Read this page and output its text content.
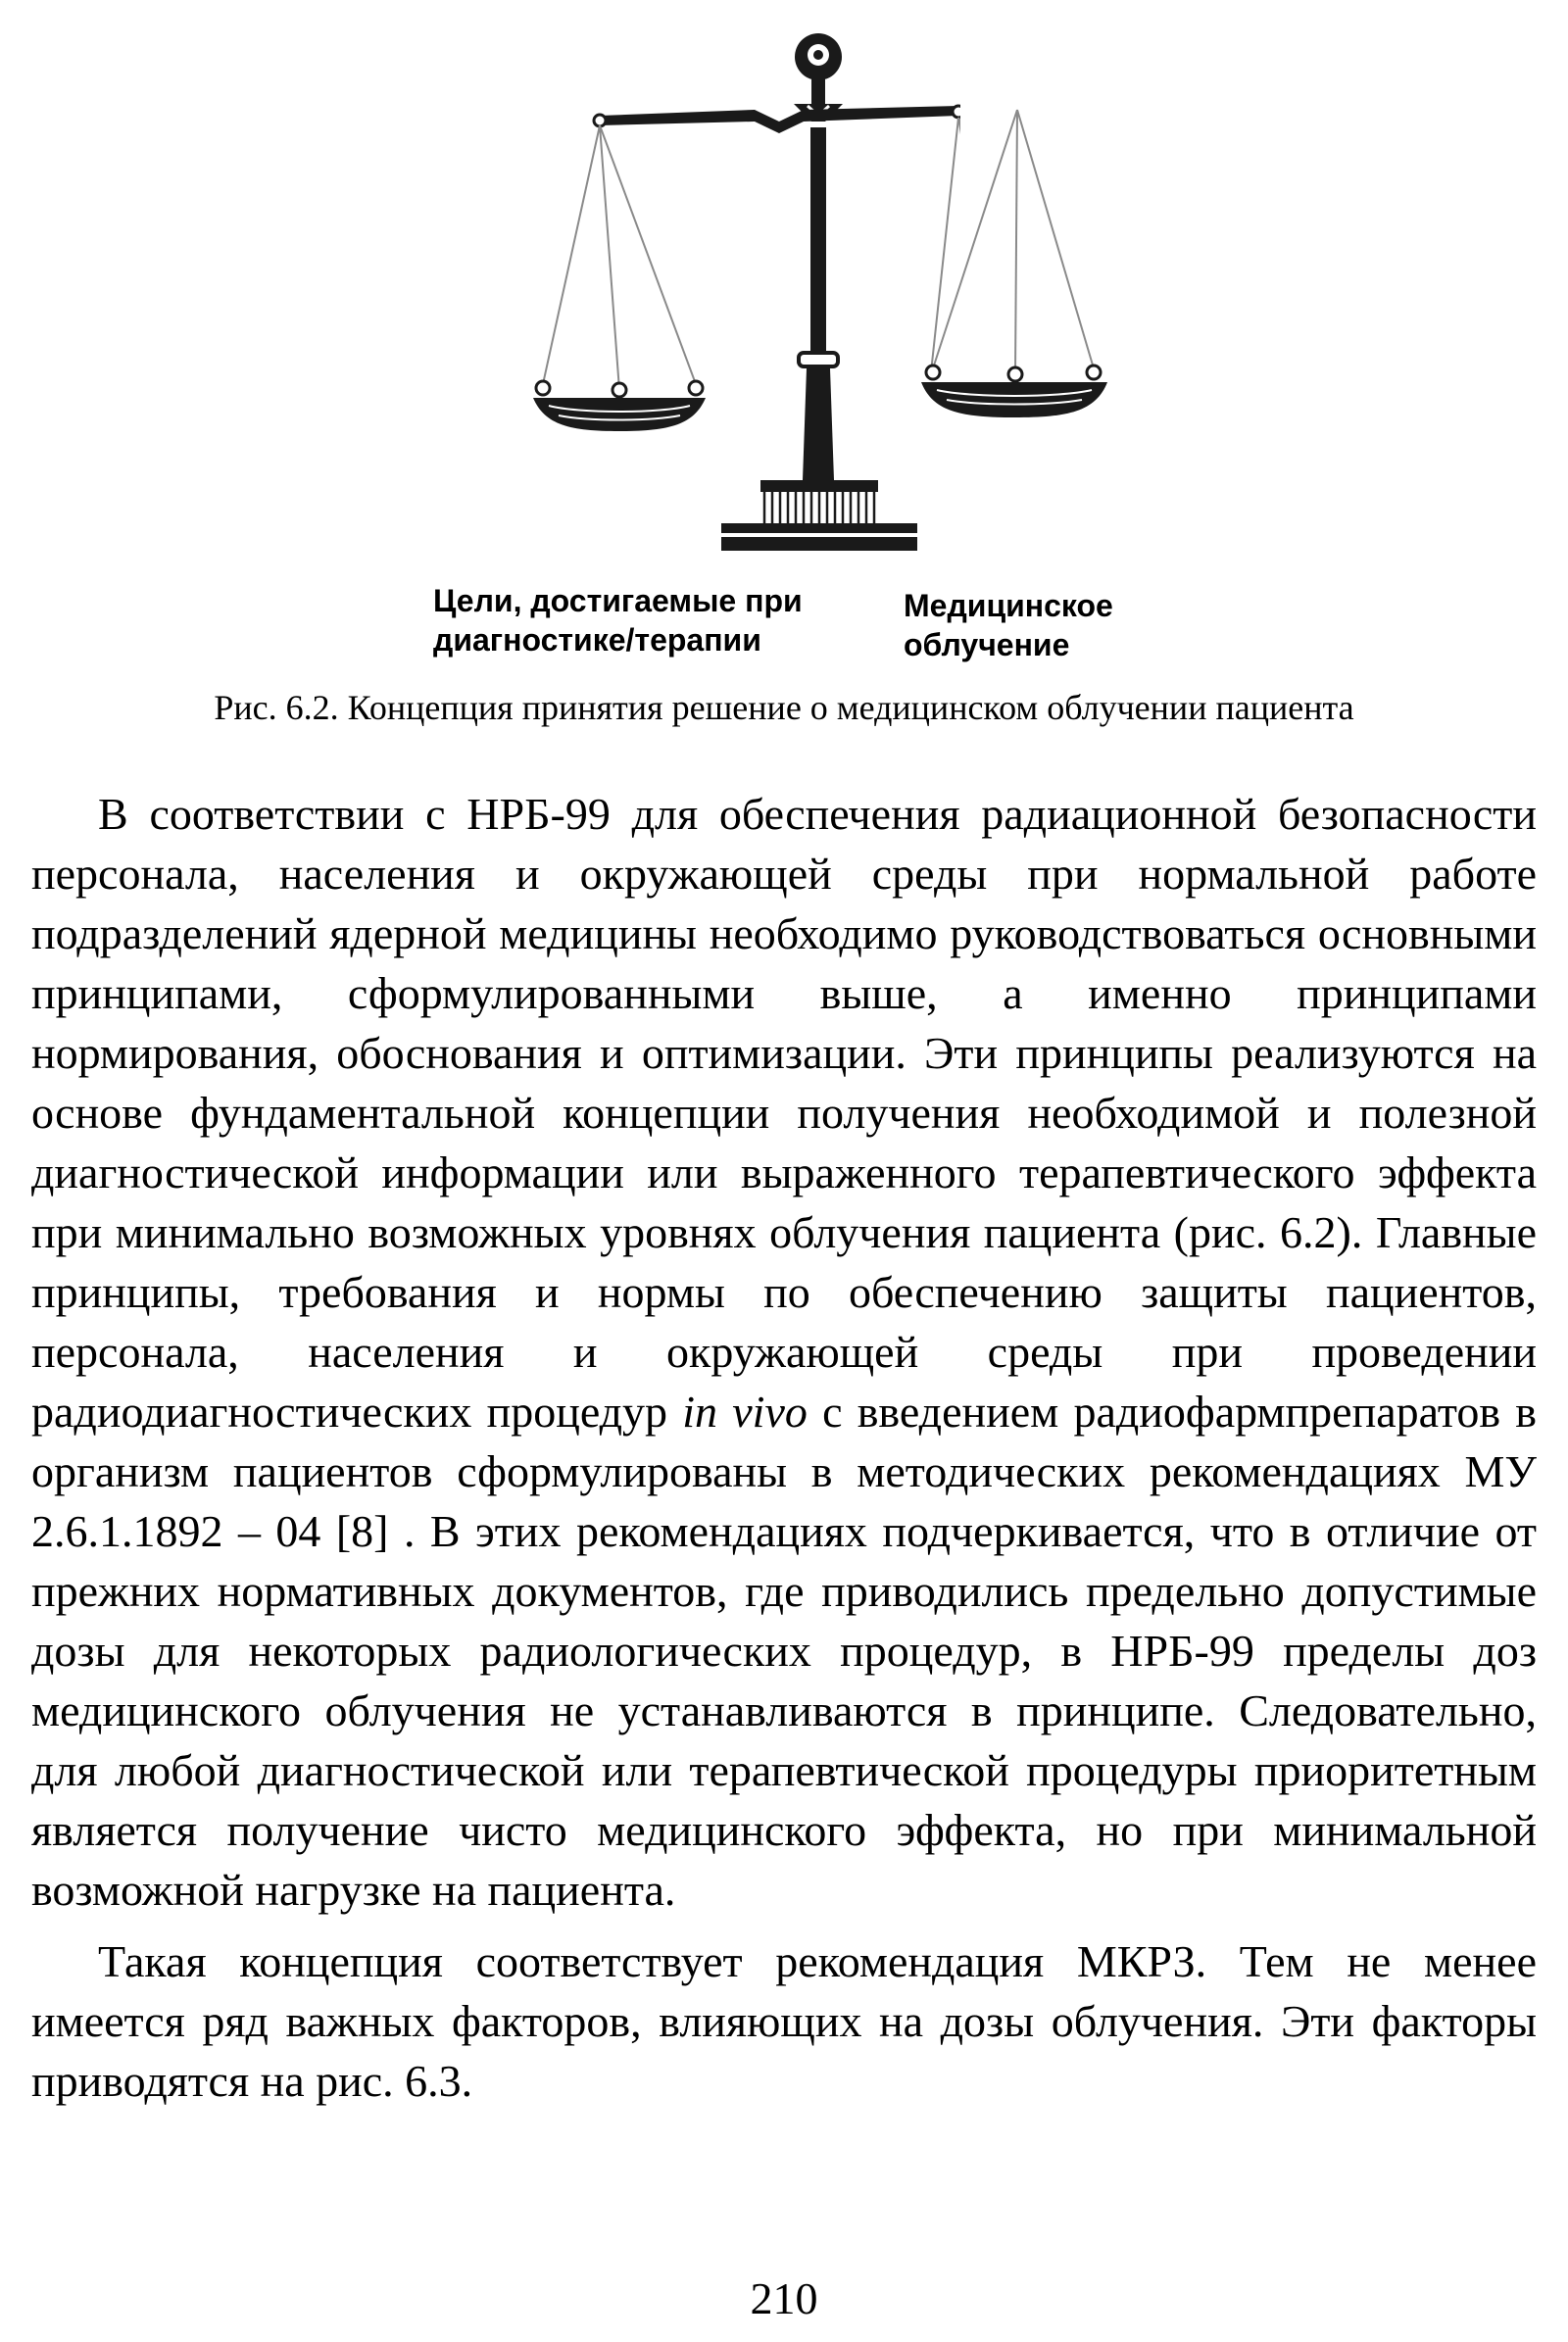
Цели, достигаемые при
диагностике/терапии
Медицинское
облучение
Рис. 6.2. Концепция принятия решение о медицинском облучении пациента

В соответствии с НРБ-99 для обеспечения радиационной безопасности персонала, населения и окружающей среды при нормальной работе подразделений ядерной медицины необходимо руководствоваться основными принципами, сформулированными выше, а именно принципами нормирования, обоснования и оптимизации. Эти принципы реализуются на основе фундаментальной концепции получения необходимой и полезной диагностической информации или выраженного терапевтического эффекта при минимально возможных уровнях облучения пациента (рис. 6.2). Главные принципы, требования и нормы по обеспечению защиты пациентов, персонала, населения и окружающей среды при проведении радиодиагностических процедур in vivo с введением радиофармпрепаратов в организм пациентов сформулированы в методических рекомендациях МУ 2.6.1.1892 – 04 [8] . В этих рекомендациях подчеркивается, что в отличие от прежних нормативных документов, где приводились предельно допустимые дозы для некоторых радиологических процедур, в НРБ-99 пределы доз медицинского облучения не устанавливаются в принципе. Следовательно, для любой диагностической или терапевтической процедуры приоритетным является получение чисто медицинского эффекта, но при минимальной возможной нагрузке на пациента.

Такая концепция соответствует рекомендация МКРЗ. Тем не менее имеется ряд важных факторов, влияющих на дозы облучения. Эти факторы приводятся на рис. 6.3.

210
